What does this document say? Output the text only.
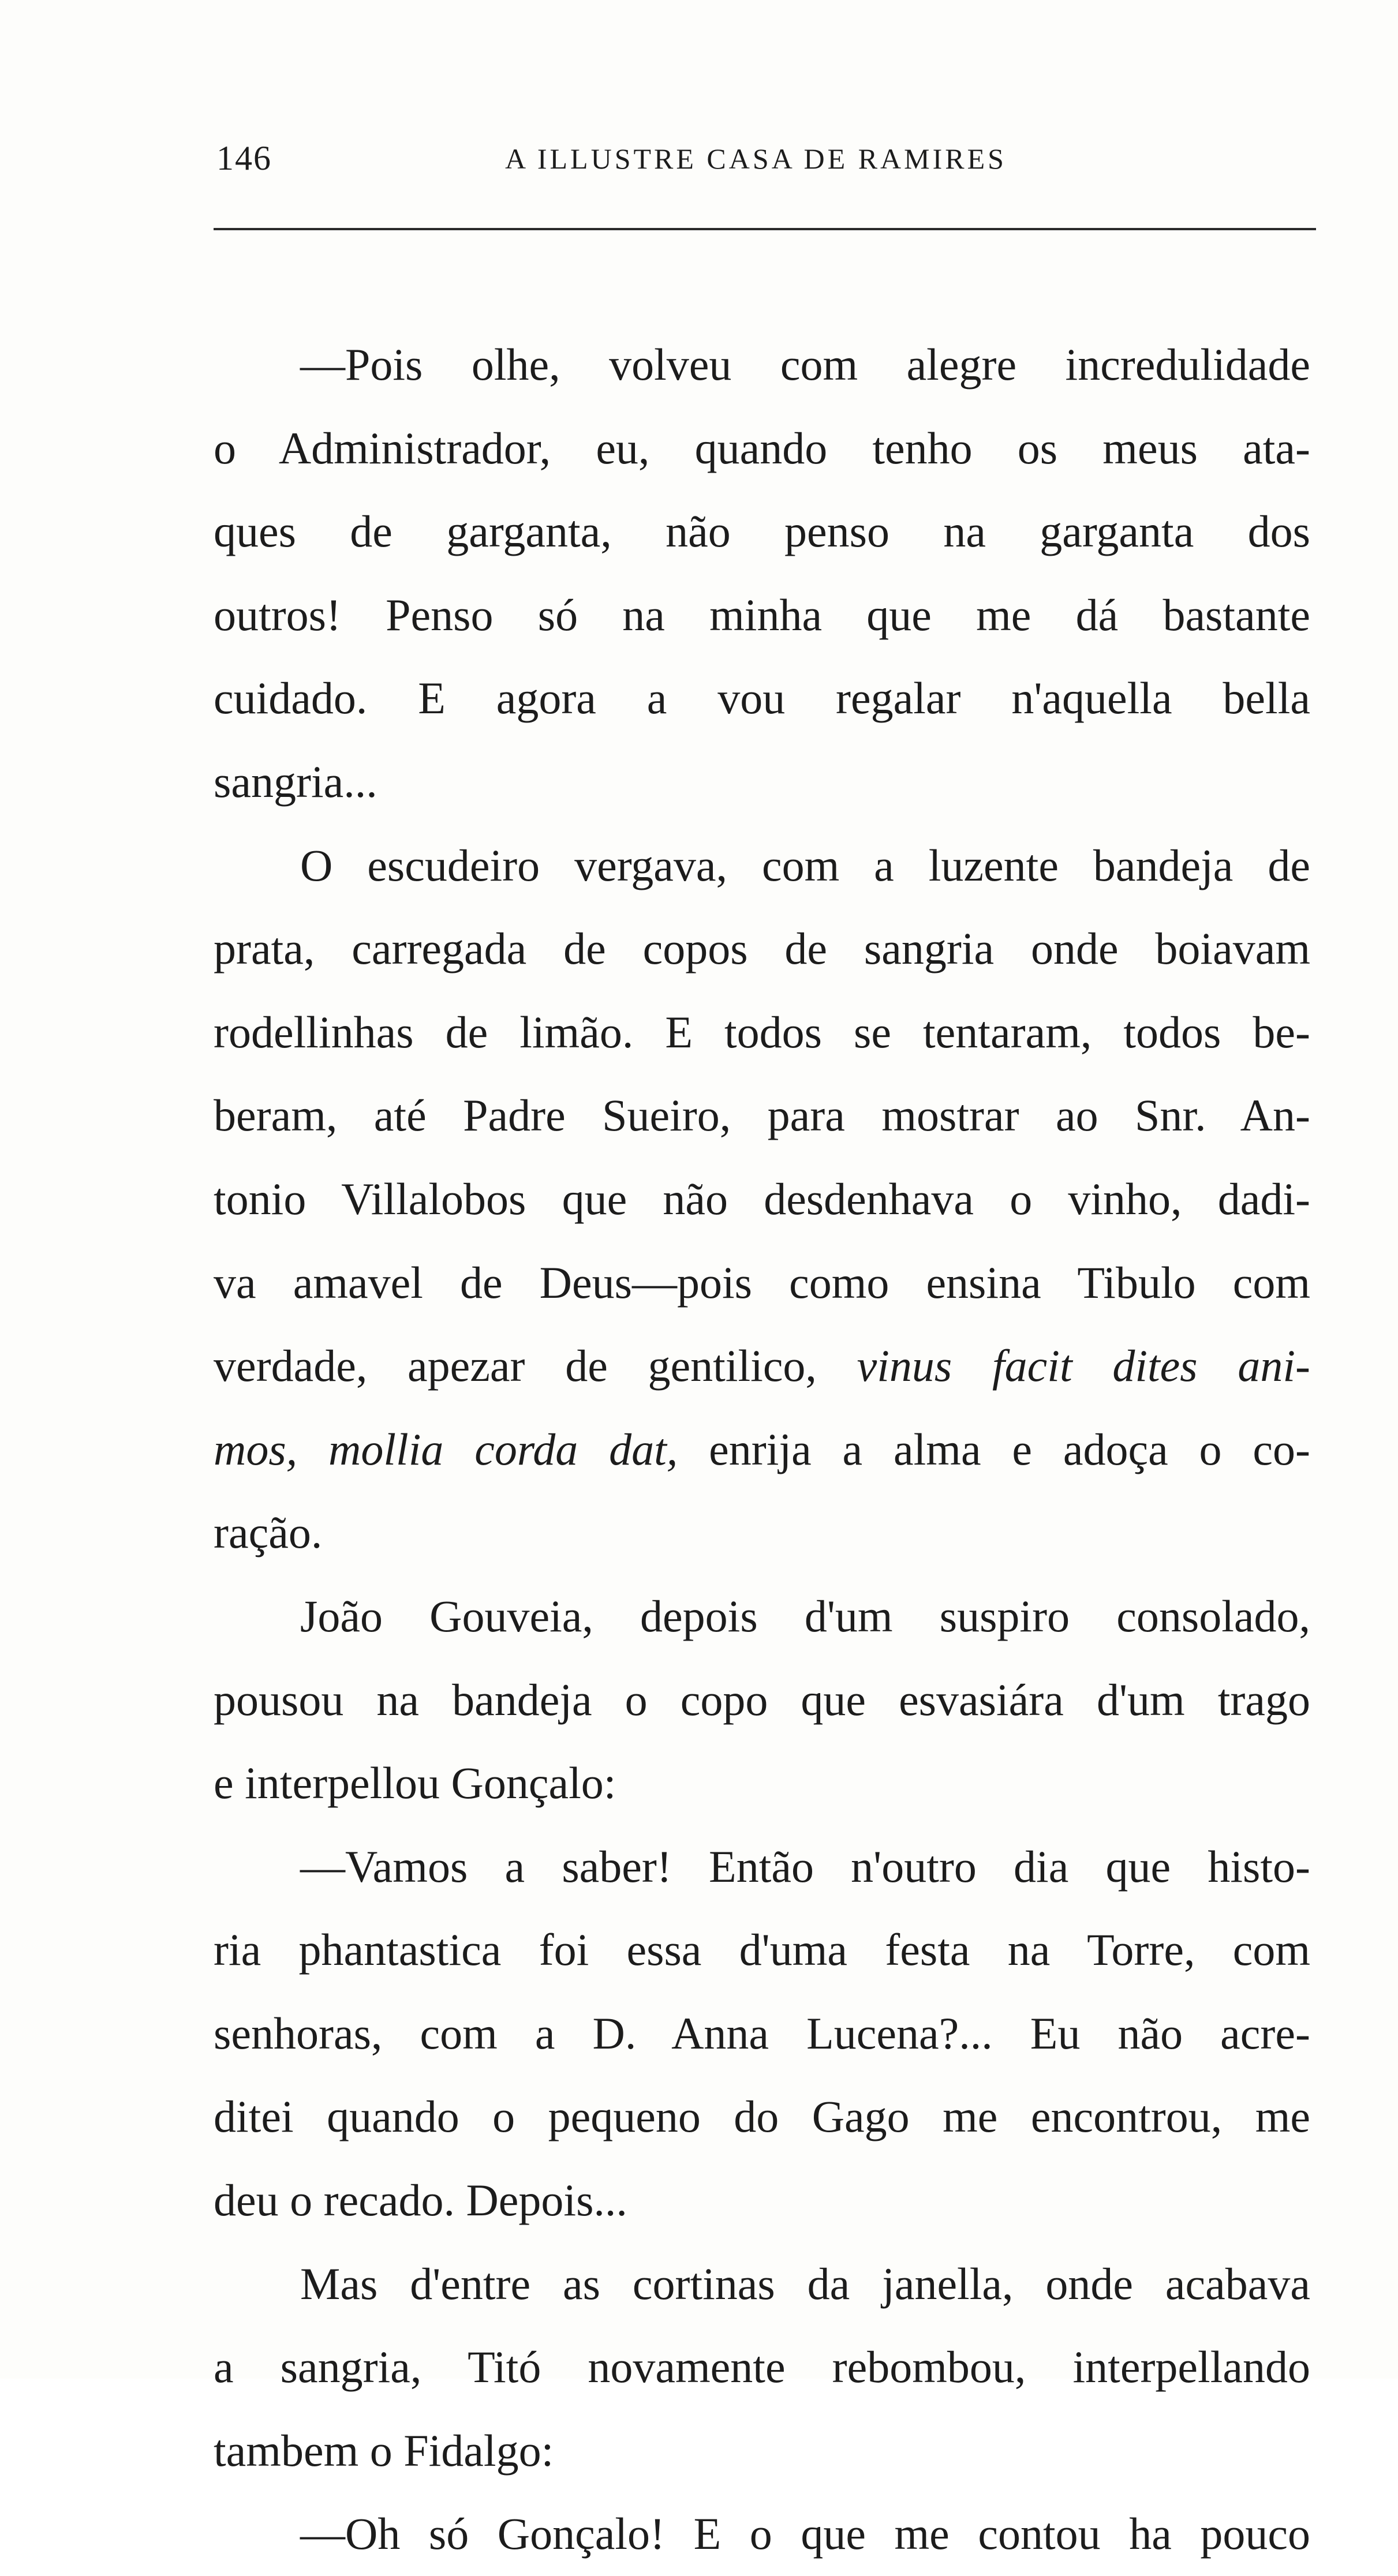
146	A ILLUSTRE CASA DE RAMIRES
—Pois olhe, volveu com alegre incredulidade
o Administrador, eu, quando tenho os meus ata-
ques de garganta, não penso na garganta dos
outros! Penso só na minha que me dá bastante
cuidado. E agora a vou regalar n'aquella bella
sangria...
O escudeiro vergava, com a luzente bandeja de
prata, carregada de copos de sangria onde boiavam
rodellinhas de limão. E todos se tentaram, todos be-
beram, até Padre Sueiro, para mostrar ao Snr. An-
tonio Villalobos que não desdenhava o vinho, dadi-
va amavel de Deus—pois como ensina Tibulo com
verdade, apezar de gentilico, vinus facit dites ani-
mos, mollia corda dat, enrija a alma e adoça o co-
ração.
João Gouveia, depois d'um suspiro consolado,
pousou na bandeja o copo que esvasiára d'um trago
e interpellou Gonçalo:
—Vamos a saber! Então n'outro dia que histo-
ria phantastica foi essa d'uma festa na Torre, com
senhoras, com a D. Anna Lucena?... Eu não acre-
ditei quando o pequeno do Gago me encontrou, me
deu o recado. Depois...
Mas d'entre as cortinas da janella, onde acabava
a sangria, Titó novamente rebombou, interpellando
tambem o Fidalgo:
—Oh só Gonçalo! E o que me contou ha pouco
